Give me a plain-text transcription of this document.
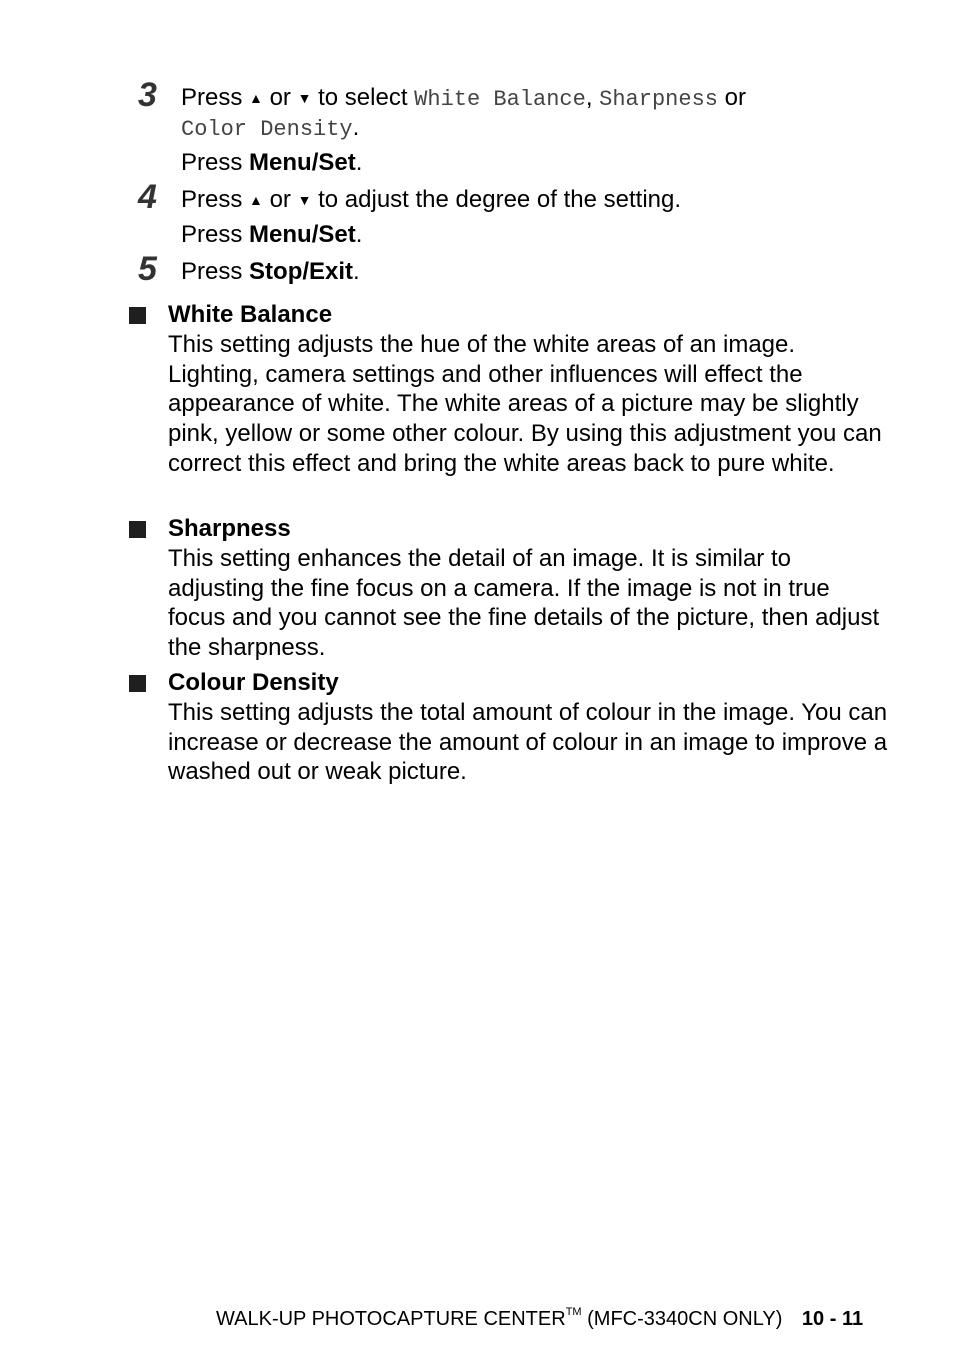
3 Press ▲ or ▼ to select White Balance, Sharpness or
Color Density.
Press Menu/Set.
4 Press ▲ or ▼ to adjust the degree of the setting.
Press Menu/Set.
5 Press Stop/Exit.
White Balance

This setting adjusts the hue of the white areas of an image. Lighting, camera settings and other influences will effect the appearance of white. The white areas of a picture may be slightly pink, yellow or some other colour. By using this adjustment you can correct this effect and bring the white areas back to pure white.

Sharpness

This setting enhances the detail of an image. It is similar to adjusting the fine focus on a camera. If the image is not in true focus and you cannot see the fine details of the picture, then adjust the sharpness.

Colour Density

This setting adjusts the total amount of colour in the image. You can increase or decrease the amount of colour in an image to improve a washed out or weak picture.

WALK-UP PHOTOCAPTURE CENTER™ (MFC-3340CN ONLY) 10 - 11
